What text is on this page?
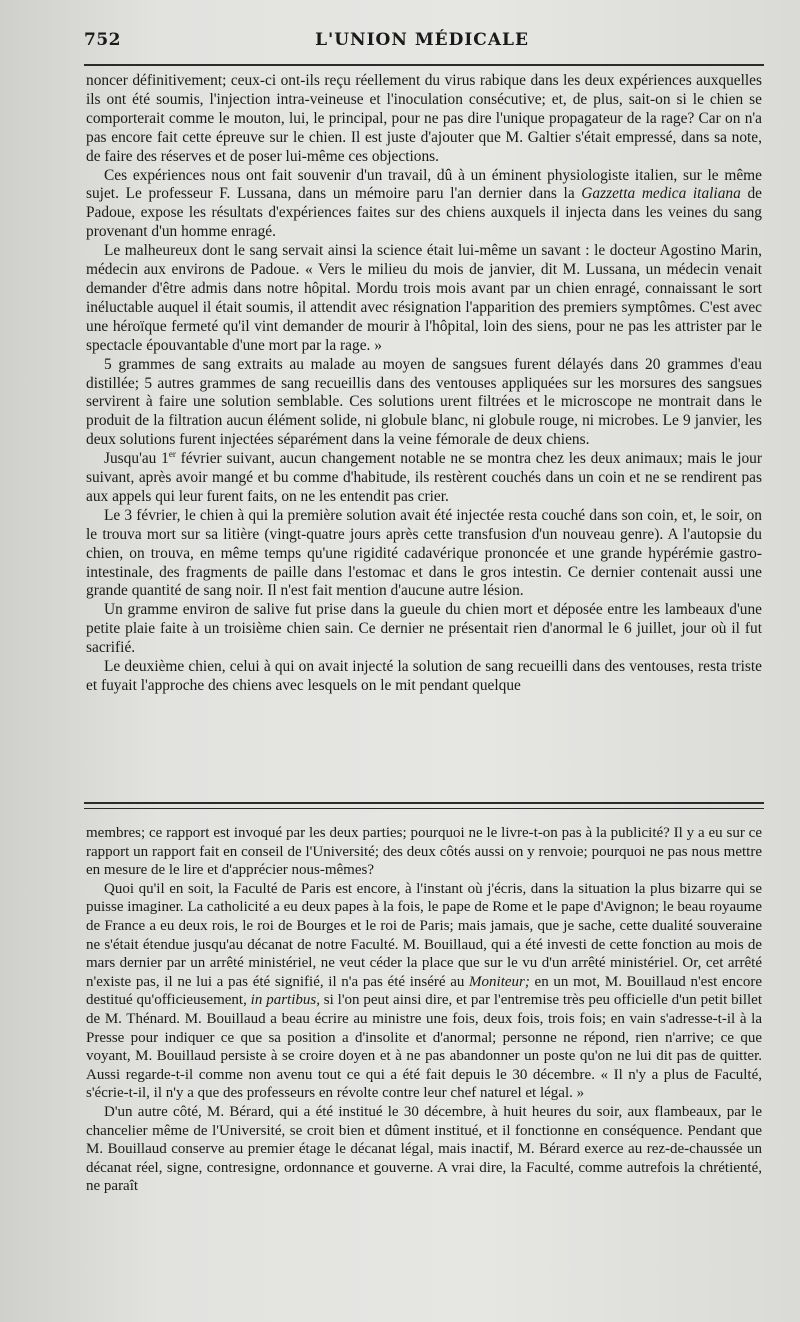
752	L'UNION MÉDICALE

noncer définitivement; ceux-ci ont-ils reçu réellement du virus rabique dans les deux expériences auxquelles ils ont été soumis, l'injection intra-veineuse et l'inoculation consécutive; et, de plus, sait-on si le chien se comporterait comme le mouton, lui, le principal, pour ne pas dire l'unique propagateur de la rage? Car on n'a pas encore fait cette épreuve sur le chien. Il est juste d'ajouter que M. Galtier s'était empressé, dans sa note, de faire des réserves et de poser lui-même ces objections.

Ces expériences nous ont fait souvenir d'un travail, dû à un éminent physiologiste italien, sur le même sujet. Le professeur F. Lussana, dans un mémoire paru l'an dernier dans la Gazzetta medica italiana de Padoue, expose les résultats d'expériences faites sur des chiens auxquels il injecta dans les veines du sang provenant d'un homme enragé.

Le malheureux dont le sang servait ainsi la science était lui-même un savant : le docteur Agostino Marin, médecin aux environs de Padoue. « Vers le milieu du mois de janvier, dit M. Lussana, un médecin venait demander d'être admis dans notre hôpital. Mordu trois mois avant par un chien enragé, connaissant le sort inéluctable auquel il était soumis, il attendit avec résignation l'apparition des premiers symptômes. C'est avec une héroïque fermeté qu'il vint demander de mourir à l'hôpital, loin des siens, pour ne pas les attrister par le spectacle épouvantable d'une mort par la rage. »

5 grammes de sang extraits au malade au moyen de sangsues furent délayés dans 20 grammes d'eau distillée; 5 autres grammes de sang recueillis dans des ventouses appliquées sur les morsures des sangsues servirent à faire une solution semblable. Ces solutions urent filtrées et le microscope ne montrait dans le produit de la filtration aucun élément solide, ni globule blanc, ni globule rouge, ni microbes. Le 9 janvier, les deux solutions furent injectées séparément dans la veine fémorale de deux chiens.

Jusqu'au 1er février suivant, aucun changement notable ne se montra chez les deux animaux; mais le jour suivant, après avoir mangé et bu comme d'habitude, ils restèrent couchés dans un coin et ne se rendirent pas aux appels qui leur furent faits, on ne les entendit pas crier.

Le 3 février, le chien à qui la première solution avait été injectée resta couché dans son coin, et, le soir, on le trouva mort sur sa litière (vingt-quatre jours après cette transfusion d'un nouveau genre). A l'autopsie du chien, on trouva, en même temps qu'une rigidité cadavérique prononcée et une grande hypérémie gastro-intestinale, des fragments de paille dans l'estomac et dans le gros intestin. Ce dernier contenait aussi une grande quantité de sang noir. Il n'est fait mention d'aucune autre lésion.

Un gramme environ de salive fut prise dans la gueule du chien mort et déposée entre les lambeaux d'une petite plaie faite à un troisième chien sain. Ce dernier ne présentait rien d'anormal le 6 juillet, jour où il fut sacrifié.

Le deuxième chien, celui à qui on avait injecté la solution de sang recueilli dans des ventouses, resta triste et fuyait l'approche des chiens avec lesquels on le mit pendant quelque

membres; ce rapport est invoqué par les deux parties; pourquoi ne le livre-t-on pas à la publicité? Il y a eu sur ce rapport un rapport fait en conseil de l'Université; des deux côtés aussi on y renvoie; pourquoi ne pas nous mettre en mesure de le lire et d'apprécier nous-mêmes?

Quoi qu'il en soit, la Faculté de Paris est encore, à l'instant où j'écris, dans la situation la plus bizarre qui se puisse imaginer. La catholicité a eu deux papes à la fois, le pape de Rome et le pape d'Avignon; le beau royaume de France a eu deux rois, le roi de Bourges et le roi de Paris; mais jamais, que je sache, cette dualité souveraine ne s'était étendue jusqu'au décanat de notre Faculté. M. Bouillaud, qui a été investi de cette fonction au mois de mars dernier par un arrêté ministériel, ne veut céder la place que sur le vu d'un arrêté ministériel. Or, cet arrêté n'existe pas, il ne lui a pas été signifié, il n'a pas été inséré au Moniteur; en un mot, M. Bouillaud n'est encore destitué qu'officieusement, in partibus, si l'on peut ainsi dire, et par l'entremise très peu officielle d'un petit billet de M. Thénard. M. Bouillaud a beau écrire au ministre une fois, deux fois, trois fois; en vain s'adresse-t-il à la Presse pour indiquer ce que sa position a d'insolite et d'anormal; personne ne répond, rien n'arrive; ce que voyant, M. Bouillaud persiste à se croire doyen et à ne pas abandonner un poste qu'on ne lui dit pas de quitter. Aussi regarde-t-il comme non avenu tout ce qui a été fait depuis le 30 décembre. « Il n'y a plus de Faculté, s'écrie-t-il, il n'y a que des professeurs en révolte contre leur chef naturel et légal. »

D'un autre côté, M. Bérard, qui a été institué le 30 décembre, à huit heures du soir, aux flambeaux, par le chancelier même de l'Université, se croit bien et dûment institué, et il fonctionne en conséquence. Pendant que M. Bouillaud conserve au premier étage le décanat légal, mais inactif, M. Bérard exerce au rez-de-chaussée un décanat réel, signe, contresigne, ordonnance et gouverne. A vrai dire, la Faculté, comme autrefois la chrétienté, ne paraît
